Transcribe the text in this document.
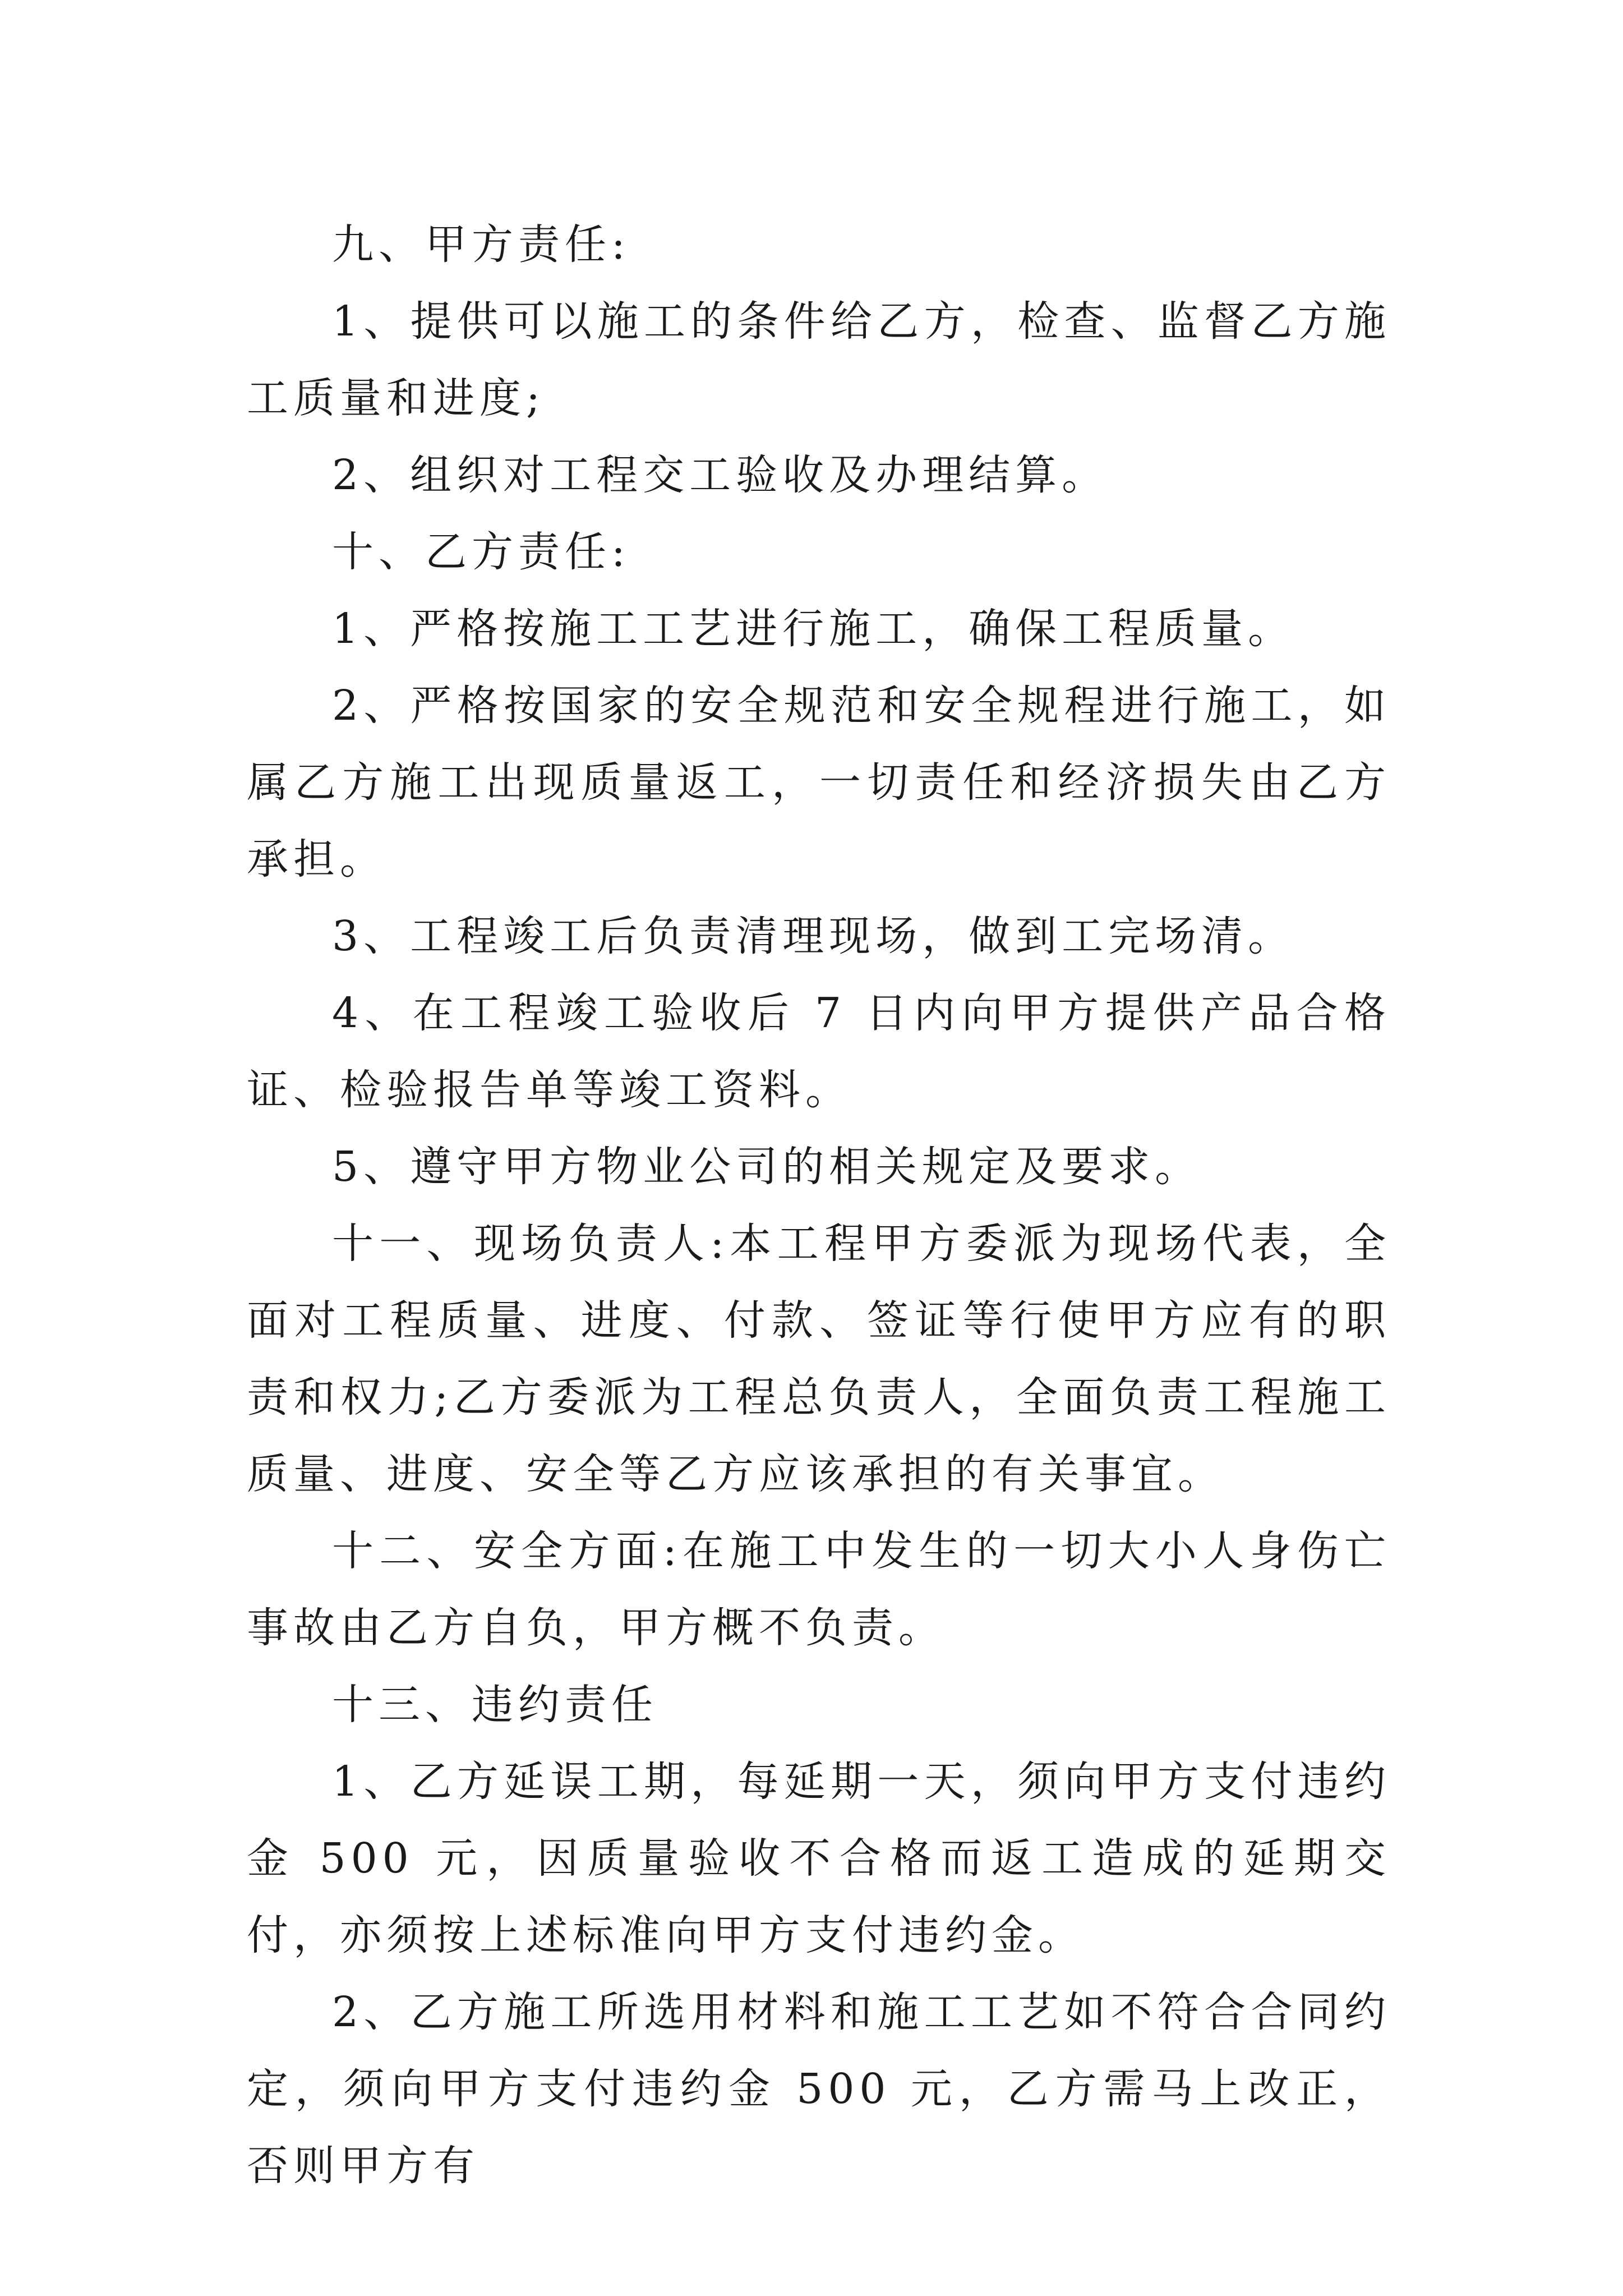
九、甲方责任:

1、提供可以施工的条件给乙方，检查、监督乙方施工质量和进度;

2、组织对工程交工验收及办理结算。

十、乙方责任:

1、严格按施工工艺进行施工，确保工程质量。

2、严格按国家的安全规范和安全规程进行施工，如属乙方施工出现质量返工，一切责任和经济损失由乙方承担。

3、工程竣工后负责清理现场，做到工完场清。

4、在工程竣工验收后 7 日内向甲方提供产品合格证、检验报告单等竣工资料。

5、遵守甲方物业公司的相关规定及要求。

十一、现场负责人:本工程甲方委派为现场代表，全面对工程质量、进度、付款、签证等行使甲方应有的职责和权力;乙方委派为工程总负责人，全面负责工程施工质量、进度、安全等乙方应该承担的有关事宜。

十二、安全方面:在施工中发生的一切大小人身伤亡事故由乙方自负，甲方概不负责。

十三、违约责任

1、乙方延误工期，每延期一天，须向甲方支付违约金 500 元，因质量验收不合格而返工造成的延期交付，亦须按上述标准向甲方支付违约金。

2、乙方施工所选用材料和施工工艺如不符合合同约定，须向甲方支付违约金 500 元，乙方需马上改正，否则甲方有
